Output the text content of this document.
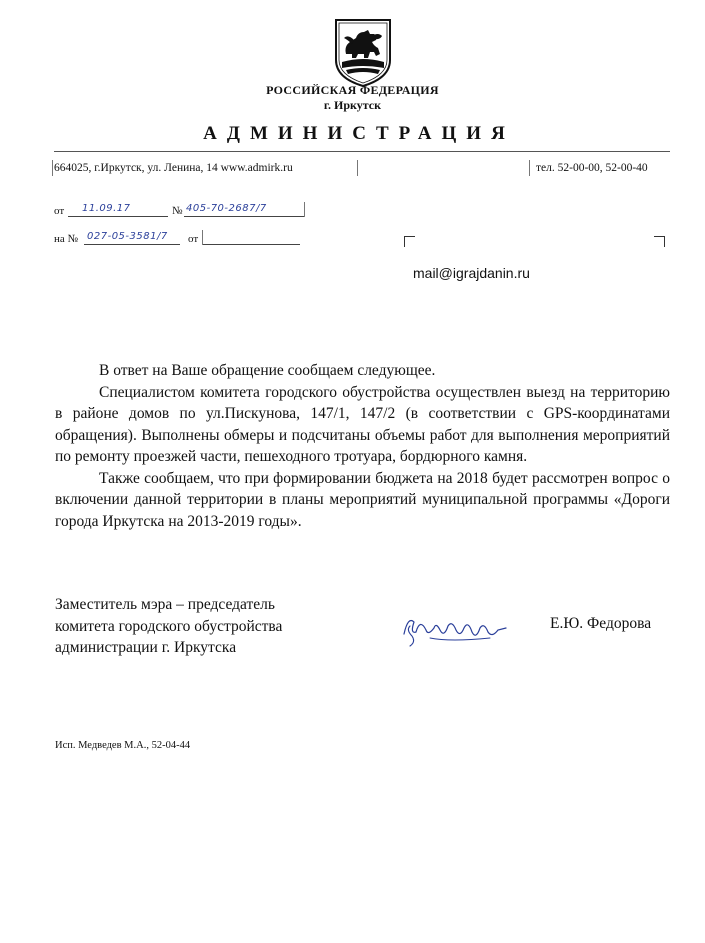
РОССИЙСКАЯ ФЕДЕРАЦИЯ
г. Иркутск
АДМИНИСТРАЦИЯ
664025, г.Иркутск, ул. Ленина, 14 www.admirk.ru	тел. 52-00-00, 52-00-40
от 11.09.17	№ 405-70-2687/7
на № 027-05-3581/7 от
mail@igrajdanin.ru

В ответ на Ваше обращение сообщаем следующее.

Специалистом комитета городского обустройства осуществлен выезд на территорию в районе домов по ул.Пискунова, 147/1, 147/2 (в соответствии с GPS-координатами обращения). Выполнены обмеры и подсчитаны объемы работ для выполнения мероприятий по ремонту проезжей части, пешеходного тротуара, бордюрного камня.

Также сообщаем, что при формировании бюджета на 2018 будет рассмотрен вопрос о включении данной территории в планы мероприятий муниципальной программы «Дороги города Иркутска на 2013-2019 годы».

Заместитель мэра – председатель
комитета городского обустройства
администрации г. Иркутска
Е.Ю. Федорова
Исп. Медведев М.А., 52-04-44
